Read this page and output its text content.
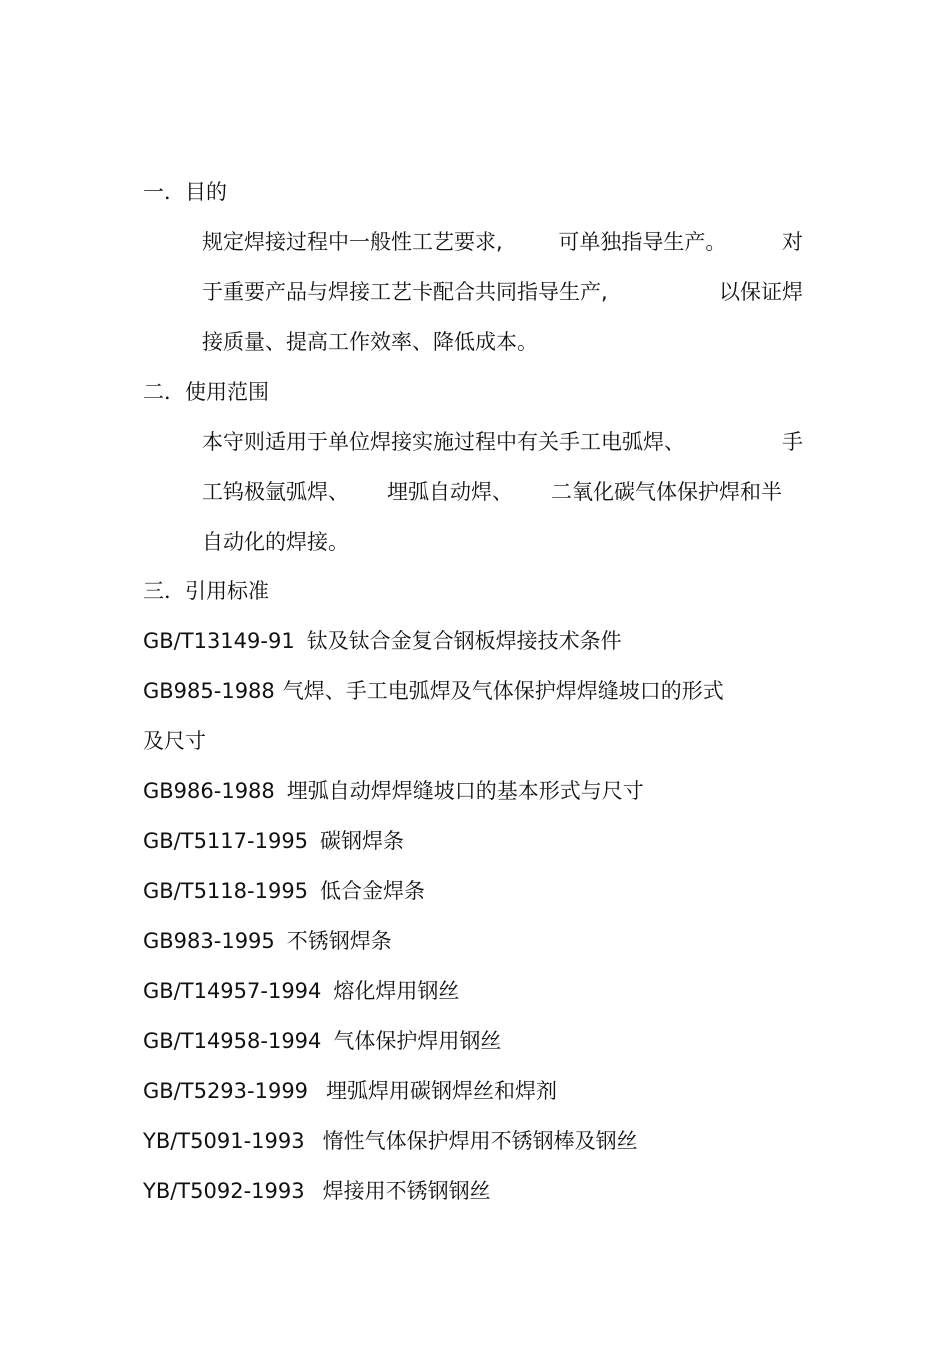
一．目的
规定焊接过程中一般性工艺要求,	可单独指导生产。	对
于重要产品与焊接工艺卡配合共同指导生产,	以保证焊
接质量、提高工作效率、降低成本。
二．使用范围
本守则适用于单位焊接实施过程中有关手工电弧焊、	手
工钨极氩弧焊、 埋弧自动焊、 二氧化碳气体保护焊和半
自动化的焊接。
三．引用标准
GB/T13149-91 钛及钛合金复合钢板焊接技术条件
GB985-1988 气焊、手工电弧焊及气体保护焊焊缝坡口的形式
及尺寸
GB986-1988 埋弧自动焊焊缝坡口的基本形式与尺寸
GB/T5117-1995 碳钢焊条
GB/T5118-1995 低合金焊条
GB983-1995 不锈钢焊条
GB/T14957-1994 熔化焊用钢丝
GB/T14958-1994 气体保护焊用钢丝
GB/T5293-1999 埋弧焊用碳钢焊丝和焊剂
YB/T5091-1993 惰性气体保护焊用不锈钢棒及钢丝
YB/T5092-1993 焊接用不锈钢钢丝
